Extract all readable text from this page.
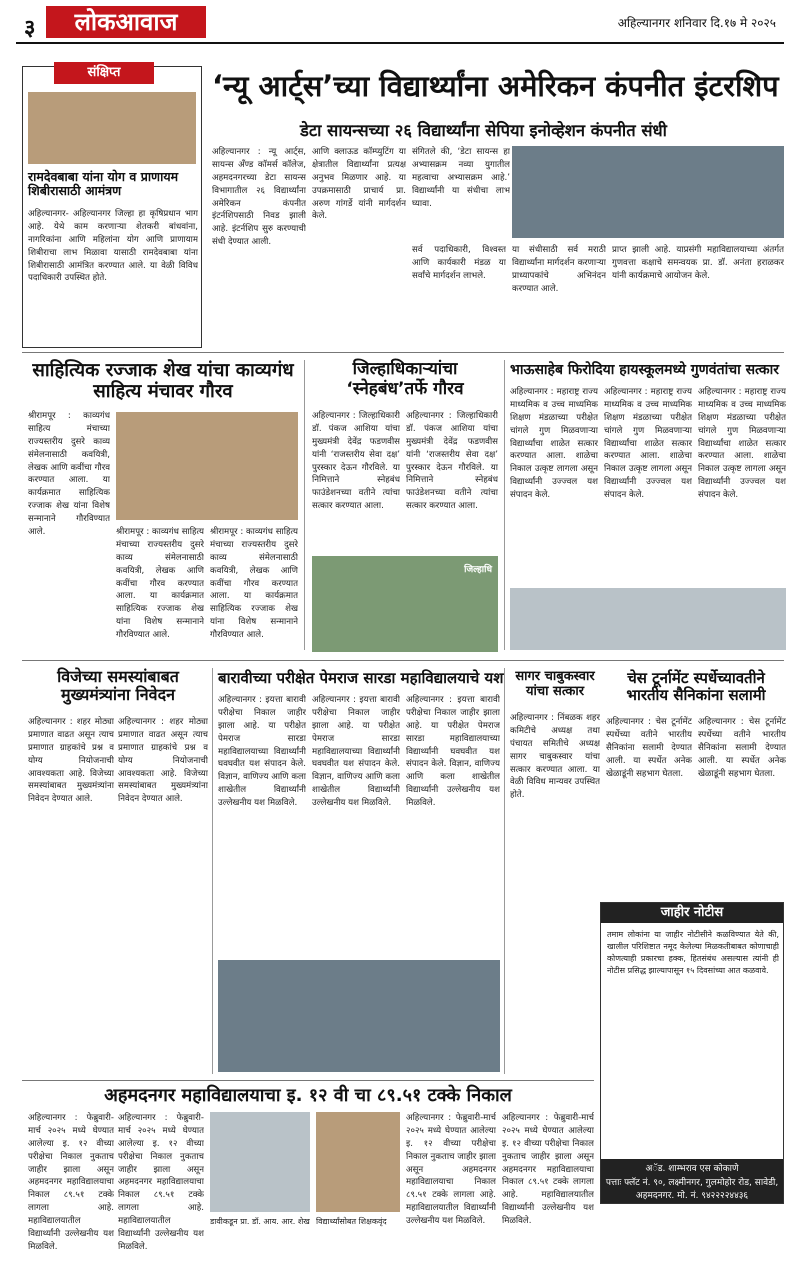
३	लोकआवाज	अहिल्यानगर शनिवार दि.१७ मे २०२५
संक्षिप्त
रामदेवबाबा यांना योग व प्राणायम शिबीरासाठी आमंत्रण
अहिल्यानगर- अहिल्यानगर जिल्हा हा कृषिप्रधान भाग आहे. येथे काम करणाऱ्या शेतकरी बांधवांना, नागरिकांना आणि महिलांना योग आणि प्राणायाम शिबीराचा लाभ मिळावा यासाठी रामदेवबाबा यांना शिबीरासाठी आमंत्रित करण्यात आले. या वेळी विविध पदाधिकारी उपस्थित होते.
‘न्यू आर्ट्स’च्या विद्यार्थ्यांना अमेरिकन कंपनीत इंटरशिप
डेटा सायन्सच्या २६ विद्यार्थ्यांना सेपिया इनोव्हेशन कंपनीत संधी
अहिल्यानगर : न्यू आर्ट्स, सायन्स अँण्ड कॉमर्स कॉलेज, अहमदनगरच्या डेटा सायन्स विभागातील २६ विद्यार्थ्यांना अमेरिकन कंपनीत इंटर्नशिपसाठी निवड झाली आहे. इंटर्नशिप सुरु करण्याची संधी देण्यात आली.
आणि क्लाऊड कॉम्प्युटिंग या क्षेत्रातील विद्यार्थ्यांना प्रत्यक्ष अनुभव मिळणार आहे. या उपक्रमासाठी प्राचार्य प्रा. अरुण गांगर्डे यांनी मार्गदर्शन केले.
संगितले की, ‘डेटा सायन्स हा अभ्यासक्रम नव्या युगातील महत्वाचा अभ्यासक्रम आहे.’ विद्यार्थ्यांनी या संधीचा लाभ घ्यावा.
सर्व पदाधिकारी, विश्वस्त आणि कार्यकारी मंडळ या सर्वांचे मार्गदर्शन लाभले.
या संधीसाठी सर्व मराठी विद्यार्थ्यांना मार्गदर्शन करणाऱ्या प्राध्यापकांचे अभिनंदन करण्यात आले.
प्राप्त झाली आहे. याप्रसंगी महाविद्यालयाच्या अंतर्गत गुणवत्ता कक्षाचे समन्वयक प्रा. डॉ. अनंता हराळकर यांनी कार्यक्रमाचे आयोजन केले.
साहित्यिक रज्जाक शेख यांचा काव्यगंध साहित्य मंचावर गौरव
श्रीरामपूर : काव्यगंध साहित्य मंचाच्या राज्यस्तरीय दुसरे काव्य संमेलनासाठी कवयित्री, लेखक आणि कवींचा गौरव करण्यात आला. या कार्यक्रमात साहित्यिक रज्जाक शेख यांना विशेष सन्मानाने गौरविण्यात आले.	श्रीरामपूर : काव्यगंध साहित्य मंचाच्या राज्यस्तरीय दुसरे काव्य संमेलनासाठी कवयित्री, लेखक आणि कवींचा गौरव करण्यात आला. या कार्यक्रमात साहित्यिक रज्जाक शेख यांना विशेष सन्मानाने गौरविण्यात आले.
श्रीरामपूर : काव्यगंध साहित्य मंचाच्या राज्यस्तरीय दुसरे काव्य संमेलनासाठी कवयित्री, लेखक आणि कवींचा गौरव करण्यात आला. या कार्यक्रमात साहित्यिक रज्जाक शेख यांना विशेष सन्मानाने गौरविण्यात आले.
जिल्हाधिकाऱ्यांचा ‘स्नेहबंध’तर्फे गौरव
अहिल्यानगर : जिल्हाधिकारी डॉ. पंकज आशिया यांचा मुख्यमंत्री देवेंद्र फडणवीस यांनी ‘राजस्तरीय सेवा दक्ष’ पुरस्कार देऊन गौरविले. या निमित्ताने स्नेहबंध फाउंडेशनच्या वतीने त्यांचा सत्कार करण्यात आला.
अहिल्यानगर : जिल्हाधिकारी डॉ. पंकज आशिया यांचा मुख्यमंत्री देवेंद्र फडणवीस यांनी ‘राजस्तरीय सेवा दक्ष’ पुरस्कार देऊन गौरविले. या निमित्ताने स्नेहबंध फाउंडेशनच्या वतीने त्यांचा सत्कार करण्यात आला.
जिल्हाधि
भाऊसाहेब फिरोदिया हायस्कूलमध्ये गुणवंतांचा सत्कार
अहिल्यानगर : महाराष्ट्र राज्य माध्यमिक व उच्च माध्यमिक शिक्षण मंडळाच्या परीक्षेत चांगले गुण मिळवणाऱ्या विद्यार्थ्यांचा शाळेत सत्कार करण्यात आला. शाळेचा निकाल उत्कृष्ट लागला असून विद्यार्थ्यांनी उज्ज्वल यश संपादन केले.
अहिल्यानगर : महाराष्ट्र राज्य माध्यमिक व उच्च माध्यमिक शिक्षण मंडळाच्या परीक्षेत चांगले गुण मिळवणाऱ्या विद्यार्थ्यांचा शाळेत सत्कार करण्यात आला. शाळेचा निकाल उत्कृष्ट लागला असून विद्यार्थ्यांनी उज्ज्वल यश संपादन केले.
अहिल्यानगर : महाराष्ट्र राज्य माध्यमिक व उच्च माध्यमिक शिक्षण मंडळाच्या परीक्षेत चांगले गुण मिळवणाऱ्या विद्यार्थ्यांचा शाळेत सत्कार करण्यात आला. शाळेचा निकाल उत्कृष्ट लागला असून विद्यार्थ्यांनी उज्ज्वल यश संपादन केले.
विजेच्या समस्यांबाबत मुख्यमंत्र्यांना निवेदन
अहिल्यानगर : शहर मोठ्या प्रमाणात वाढत असून त्याच प्रमाणात ग्राहकांचे प्रश्न व योग्य नियोजनाची आवश्यकता आहे. विजेच्या समस्यांबाबत मुख्यमंत्र्यांना निवेदन देण्यात आले.
अहिल्यानगर : शहर मोठ्या प्रमाणात वाढत असून त्याच प्रमाणात ग्राहकांचे प्रश्न व योग्य नियोजनाची आवश्यकता आहे. विजेच्या समस्यांबाबत मुख्यमंत्र्यांना निवेदन देण्यात आले.
बारावीच्या परीक्षेत पेमराज सारडा महाविद्यालयाचे यश
अहिल्यानगर : इयत्ता बारावी परीक्षेचा निकाल जाहीर झाला आहे. या परीक्षेत पेमराज सारडा महाविद्यालयाच्या विद्यार्थ्यांनी घवघवीत यश संपादन केले. विज्ञान, वाणिज्य आणि कला शाखेतील विद्यार्थ्यांनी उल्लेखनीय यश मिळविले.
अहिल्यानगर : इयत्ता बारावी परीक्षेचा निकाल जाहीर झाला आहे. या परीक्षेत पेमराज सारडा महाविद्यालयाच्या विद्यार्थ्यांनी घवघवीत यश संपादन केले. विज्ञान, वाणिज्य आणि कला शाखेतील विद्यार्थ्यांनी उल्लेखनीय यश मिळविले.
अहिल्यानगर : इयत्ता बारावी परीक्षेचा निकाल जाहीर झाला आहे. या परीक्षेत पेमराज सारडा महाविद्यालयाच्या विद्यार्थ्यांनी घवघवीत यश संपादन केले. विज्ञान, वाणिज्य आणि कला शाखेतील विद्यार्थ्यांनी उल्लेखनीय यश मिळविले.
सागर चाबुकस्वार यांचा सत्कार
अहिल्यानगर : निंबळक शहर कमिटीचे अध्यक्ष तथा पंचायत समितीचे अध्यक्ष सागर चाबुकस्वार यांचा सत्कार करण्यात आला. या वेळी विविध मान्यवर उपस्थित होते.
चेस टूर्नामेंट स्पर्धेच्यावतीने भारतीय सैनिकांना सलामी
अहिल्यानगर : चेस टूर्नामेंट स्पर्धेच्या वतीने भारतीय सैनिकांना सलामी देण्यात आली. या स्पर्धेत अनेक खेळाडूंनी सहभाग घेतला.
अहिल्यानगर : चेस टूर्नामेंट स्पर्धेच्या वतीने भारतीय सैनिकांना सलामी देण्यात आली. या स्पर्धेत अनेक खेळाडूंनी सहभाग घेतला.
जाहीर नोटीस
तमाम लोकांना या जाहीर नोटीसीने कळविण्यात येते की, खालील परिशिष्टात नमूद केलेल्या मिळकतीबाबत कोणाचाही कोणत्याही प्रकारचा हक्क, हितसंबंध असल्यास त्यांनी ही नोटीस प्रसिद्ध झाल्यापासून १५ दिवसांच्या आत कळवावे.
अॅड. शाम्भराव एस कोकाणे
पत्ताः फ्लॅट नं. ९०, लक्ष्मीनगर, गुलमोहोर रोड, सावेडी, अहमदनगर. मो. नं. ९४२२२२४४३६
अहमदनगर महाविद्यालयाचा इ. १२ वी चा ८९.५१ टक्के निकाल
अहिल्यानगर : फेब्रुवारी-मार्च २०२५ मध्ये घेण्यात आलेल्या इ. १२ वीच्या परीक्षेचा निकाल नुकताच जाहीर झाला असून अहमदनगर महाविद्यालयाचा निकाल ८९.५१ टक्के लागला आहे. महाविद्यालयातील विद्यार्थ्यांनी उल्लेखनीय यश मिळविले.
अहिल्यानगर : फेब्रुवारी-मार्च २०२५ मध्ये घेण्यात आलेल्या इ. १२ वीच्या परीक्षेचा निकाल नुकताच जाहीर झाला असून अहमदनगर महाविद्यालयाचा निकाल ८९.५१ टक्के लागला आहे. महाविद्यालयातील विद्यार्थ्यांनी उल्लेखनीय यश मिळविले.
डावीकडून प्रा. डॉ. आय. आर. शेख विद्यार्थ्यांसोबत शिक्षकवृंद
अहिल्यानगर : फेब्रुवारी-मार्च २०२५ मध्ये घेण्यात आलेल्या इ. १२ वीच्या परीक्षेचा निकाल नुकताच जाहीर झाला असून अहमदनगर महाविद्यालयाचा निकाल ८९.५१ टक्के लागला आहे. महाविद्यालयातील विद्यार्थ्यांनी उल्लेखनीय यश मिळविले.
अहिल्यानगर : फेब्रुवारी-मार्च २०२५ मध्ये घेण्यात आलेल्या इ. १२ वीच्या परीक्षेचा निकाल नुकताच जाहीर झाला असून अहमदनगर महाविद्यालयाचा निकाल ८९.५१ टक्के लागला आहे. महाविद्यालयातील विद्यार्थ्यांनी उल्लेखनीय यश मिळविले.
